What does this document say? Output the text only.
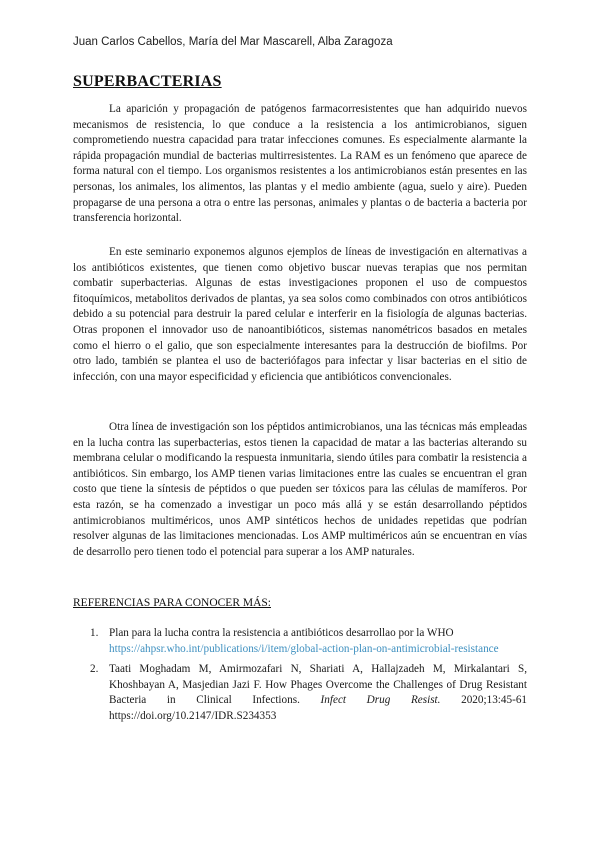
Juan Carlos Cabellos, María del Mar Mascarell, Alba Zaragoza
SUPERBACTERIAS

La aparición y propagación de patógenos farmacorresistentes que han adquirido nuevos mecanismos de resistencia, lo que conduce a la resistencia a los antimicrobianos, siguen comprometiendo nuestra capacidad para tratar infecciones comunes. Es especialmente alarmante la rápida propagación mundial de bacterias multirresistentes. La RAM es un fenómeno que aparece de forma natural con el tiempo. Los organismos resistentes a los antimicrobianos están presentes en las personas, los animales, los alimentos, las plantas y el medio ambiente (agua, suelo y aire). Pueden propagarse de una persona a otra o entre las personas, animales y plantas o de bacteria a bacteria por transferencia horizontal.

En este seminario exponemos algunos ejemplos de líneas de investigación en alternativas a los antibióticos existentes, que tienen como objetivo buscar nuevas terapias que nos permitan combatir superbacterias. Algunas de estas investigaciones proponen el uso de compuestos fitoquímicos, metabolitos derivados de plantas, ya sea solos como combinados con otros antibióticos debido a su potencial para destruir la pared celular e interferir en la fisiología de algunas bacterias. Otras proponen el innovador uso de nanoantibióticos, sistemas nanométricos basados en metales como el hierro o el galio, que son especialmente interesantes para la destrucción de biofilms. Por otro lado, también se plantea el uso de bacteriófagos para infectar y lisar bacterias en el sitio de infección, con una mayor especificidad y eficiencia que antibióticos convencionales.

Otra línea de investigación son los péptidos antimicrobianos, una las técnicas más empleadas en la lucha contra las superbacterias, estos tienen la capacidad de matar a las bacterias alterando su membrana celular o modificando la respuesta inmunitaria, siendo útiles para combatir la resistencia a antibióticos. Sin embargo, los AMP tienen varias limitaciones entre las cuales se encuentran el gran costo que tiene la síntesis de péptidos o que pueden ser tóxicos para las células de mamíferos. Por esta razón, se ha comenzado a investigar un poco más allá y se están desarrollando péptidos antimicrobianos multiméricos, unos AMP sintéticos hechos de unidades repetidas que podrían resolver algunas de las limitaciones mencionadas. Los AMP multiméricos aún se encuentran en vías de desarrollo pero tienen todo el potencial para superar a los AMP naturales.

REFERENCIAS PARA CONOCER MÁS:
1. Plan para la lucha contra la resistencia a antibióticos desarrollao por la WHO
https://ahpsr.who.int/publications/i/item/global-action-plan-on-antimicrobial-resistance
2. Taati Moghadam M, Amirmozafari N, Shariati A, Hallajzadeh M, Mirkalantari S, Khoshbayan A, Masjedian Jazi F. How Phages Overcome the Challenges of Drug Resistant Bacteria in Clinical Infections. Infect Drug Resist. 2020;13:45-61 https://doi.org/10.2147/IDR.S234353
